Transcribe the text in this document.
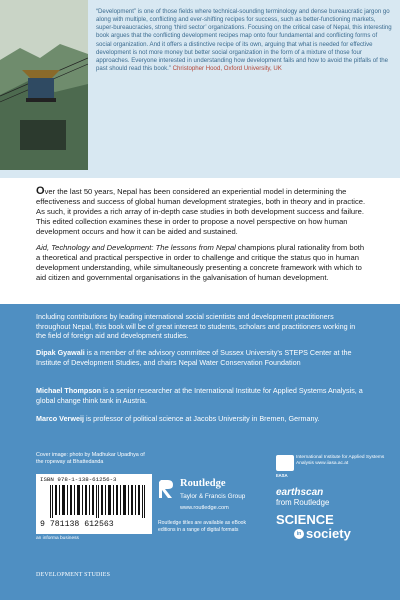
“Development” is one of those fields where technical-sounding terminology and dense bureaucratic jargon go along with multiple, conflicting and ever-shifting recipes for success, such as better-functioning markets, super-bureaucracies, strong ‘third sector’ organizations. Focusing on the critical case of Nepal, this interesting book argues that the conflicting development recipes map onto four fundamental and conflicting forms of social organization. And it offers a distinctive recipe of its own, arguing that what is needed for effective development is not more money but better social organization in the form of a mixture of those four approaches. Everyone interested in understanding how development fails and how to avoid the pitfalls of the past should read this book.” Christopher Hood, Oxford University, UK
Over the last 50 years, Nepal has been considered an experiential model in determining the effectiveness and success of global human development strategies, both in theory and in practice. As such, it provides a rich array of in-depth case studies in both development success and failure. This edited collection examines these in order to propose a novel perspective on how human development occurs and how it can be aided and sustained.
Aid, Technology and Development: The lessons from Nepal champions plural rationality from both a theoretical and practical perspective in order to challenge and critique the status quo in human development understanding, while simultaneously presenting a concrete framework with which to aid citizen and governmental organisations in the galvanisation of human development.
Including contributions by leading international social scientists and development practitioners throughout Nepal, this book will be of great interest to students, scholars and practitioners working in the field of foreign aid and development studies.
Dipak Gyawali is a member of the advisory committee of Sussex University’s STEPS Center at the Institute of Development Studies, and chairs Nepal Water Conservation Foundation
Michael Thompson is a senior researcher at the International Institute for Applied Systems Analysis, a global change think tank in Austria.
Marco Verweij is professor of political science at Jacobs University in Bremen, Germany.
Cover image: photo by Madhukar Upadhya of the ropeway at Bhattedanda
ISBN 978-1-138-61256-3
9 781138 612563
an informa business
DEVELOPMENT STUDIES
Routledge
Taylor & Francis Group
www.routledge.com
Routledge titles are available as eBook editions in a range of digital formats
IIASA
International Institute for Applied Systems Analysis www.iiasa.ac.at
earthscan
from Routledge
SCIENCE
in society
